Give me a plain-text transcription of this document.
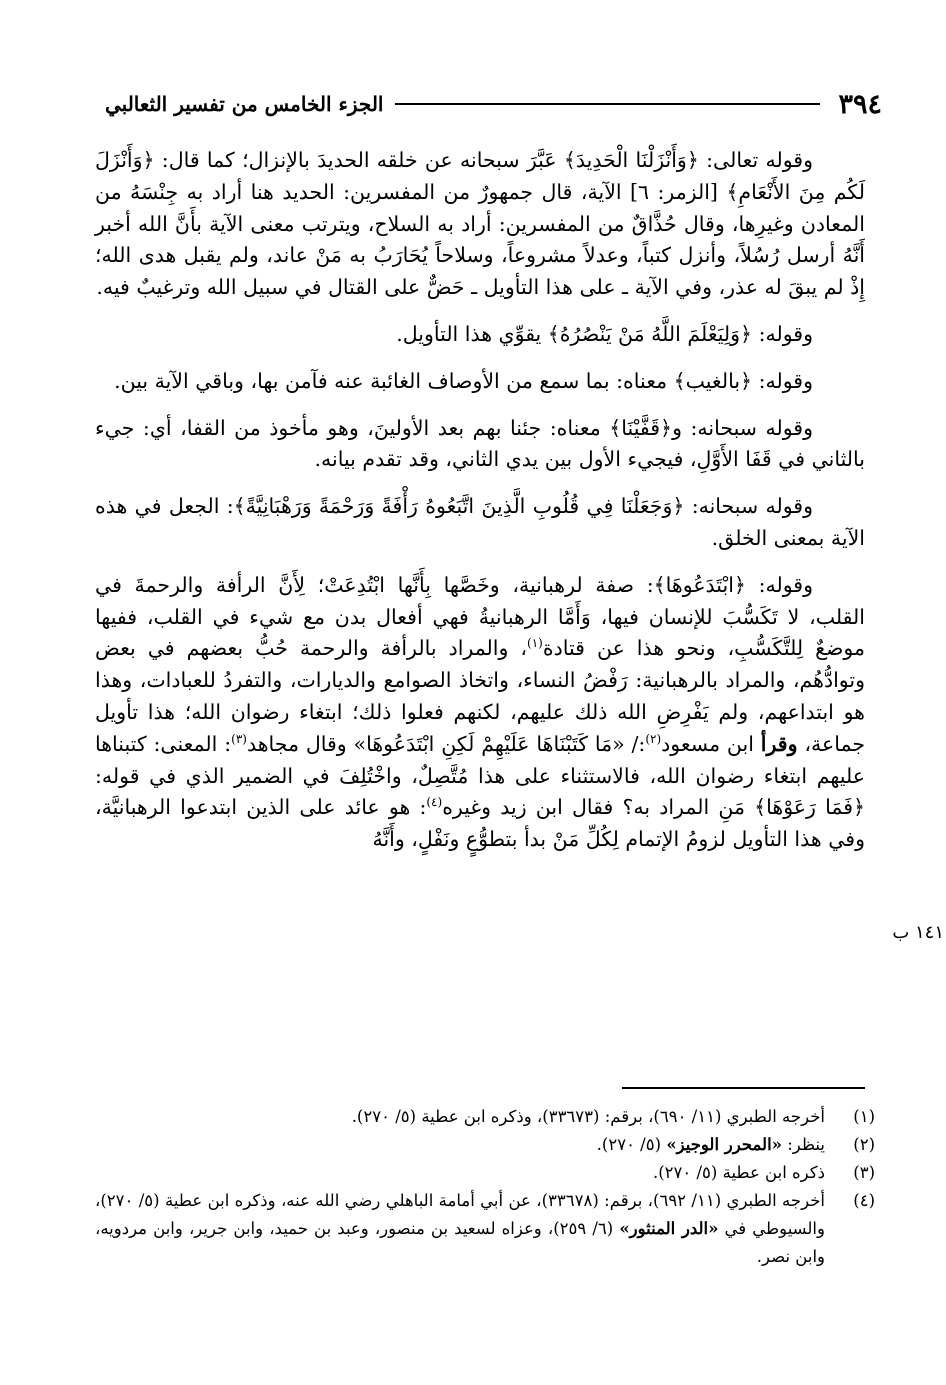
٣٩٤
الجزء الخامس من تفسير الثعالبي

وقوله تعالى: ﴿وَأَنْزَلْنَا الْحَدِيدَ﴾ عَبَّرَ سبحانه عن خلقه الحديدَ بالإنزال؛ كما قال: ﴿وَأَنْزَلَ لَكُم مِنَ الأَنْعَامِ﴾ [الزمر: ٦] الآية، قال جمهورٌ من المفسرين: الحديد هنا أراد به جِنْسَهُ من المعادن وغيرِها، وقال حُذَّاقٌ من المفسرين: أراد به السلاح، ويترتب معنى الآية بأَنَّ الله أخبر أَنَّهُ أرسل رُسُلاً، وأنزل كتباً، وعدلاً مشروعاً، وسلاحاً يُحَارَبُ به مَنْ عاند، ولم يقبل هدى الله؛ إِذْ لم يبقَ له عذر، وفي الآية ـ على هذا التأويل ـ حَضٌّ على القتال في سبيل الله وترغيبٌ فيه.

وقوله: ﴿وَلِيَعْلَمَ اللَّهُ مَنْ يَنْصُرُهُ﴾ يقوِّي هذا التأويل.

وقوله: ﴿بالغيب﴾ معناه: بما سمع من الأوصاف الغائبة عنه فآمن بها، وباقي الآية بين.

وقوله سبحانه: و﴿قَفَّيْنَا﴾ معناه: جئنا بهم بعد الأولينَ، وهو مأخوذ من القفا، أي: جيء بالثاني في قَفَا الأَوَّلِ، فيجيء الأول بين يدي الثاني، وقد تقدم بيانه.

وقوله سبحانه: ﴿وَجَعَلْنَا فِي قُلُوبِ الَّذِينَ اتَّبَعُوهُ رَأْفَةً وَرَحْمَةً وَرَهْبَانِيَّةً﴾: الجعل في هذه الآية بمعنى الخلق.

وقوله: ﴿ابْتَدَعُوهَا﴾: صفة لرهبانية، وخَصَّها بِأَنَّها ابْتُدِعَتْ؛ لِأَنَّ الرأفة والرحمةَ في القلب، لا تَكَسُّبَ للإنسان فيها، وَأَمَّا الرهبانيةُ فهي أفعال بدن مع شيء في القلب، ففيها موضعٌ لِلتَّكَسُّبِ، ونحو هذا عن قتادة$^{(١)}$، والمراد بالرأفة والرحمة حُبُّ بعضهم في بعض وتوادُّهُم، والمراد بالرهبانية: رَفْضُ النساء، واتخاذ الصوامع والديارات، والتفردُ للعبادات، وهذا هو ابتداعهم، ولم يَفْرِضِ الله ذلك عليهم، لكنهم فعلوا ذلك؛ ابتغاء رضوان الله؛ هذا تأويل جماعة، وقرأ ابن مسعود$^{(٢)}$:/ «مَا كَتَبْنَاهَا عَلَيْهِمْ لَكِنِ ابْتَدَعُوهَا» وقال مجاهد$^{(٣)}$: المعنى: كتبناها عليهم ابتغاء رضوان الله، فالاستثناء على هذا مُتَّصِلٌ، واخْتُلِفَ في الضمير الذي في قوله: ﴿فَمَا رَعَوْهَا﴾ مَنِ المراد به؟ فقال ابن زيد وغيره$^{(٤)}$: هو عائد على الذين ابتدعوا الرهبانيَّة، وفي هذا التأويل لزومُ الإتمام لِكُلِّ مَنْ بدأ بتطوُّعٍ ونَفْلٍ، وأَنَّهُ

١٤١ ب
(١)
أخرجه الطبري (١١/ ٦٩٠)، برقم: (٣٣٦٧٣)، وذكره ابن عطية (٥/ ٢٧٠).
(٢)
ينظر: «المحرر الوجيز» (٥/ ٢٧٠).
(٣)
ذكره ابن عطية (٥/ ٢٧٠).
(٤)
أخرجه الطبري (١١/ ٦٩٢)، برقم: (٣٣٦٧٨)، عن أبي أمامة الباهلي رضي الله عنه، وذكره ابن عطية (٥/ ٢٧٠)، والسيوطي في «الدر المنثور» (٦/ ٢٥٩)، وعزاه لسعيد بن منصور، وعبد بن حميد، وابن جرير، وابن مردويه، وابن نصر.
